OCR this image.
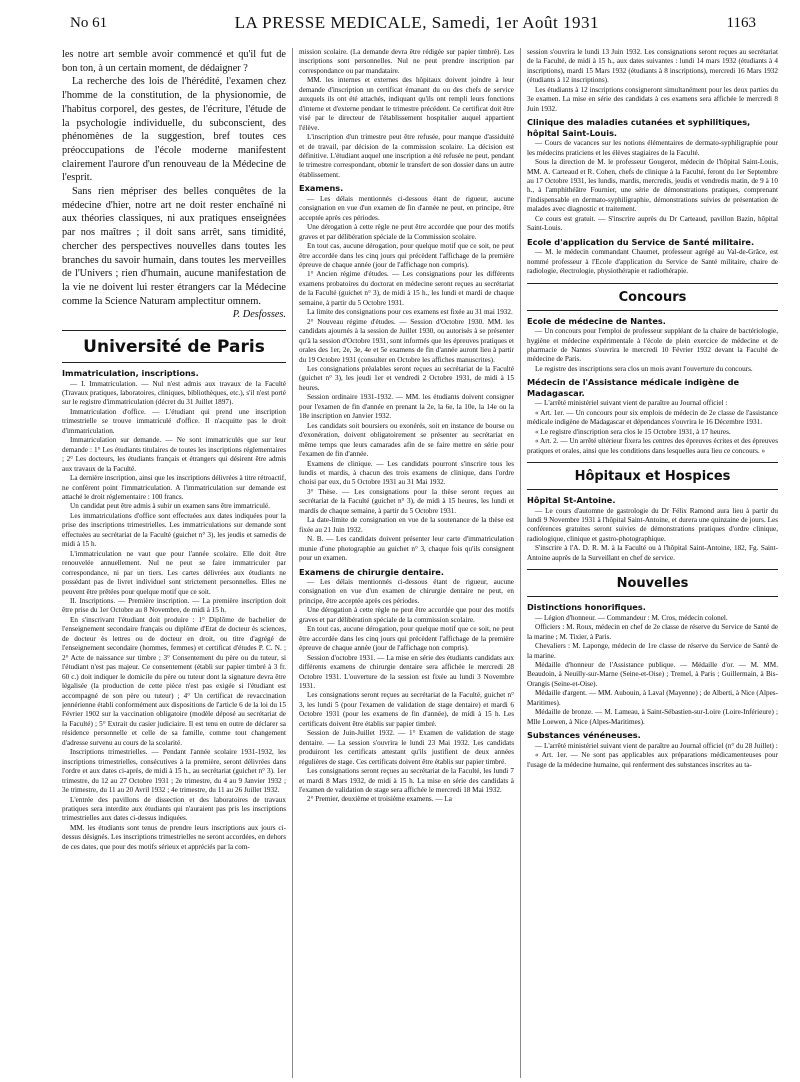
No 61	LA PRESSE MEDICALE, Samedi, 1er Août 1931	1163

les notre art semble avoir commencé et qu'il fut de bon ton, à un certain moment, de dédaigner ?

La recherche des lois de l'hérédité, l'examen chez l'homme de la constitution, de la physionomie, de l'habitus corporel, des gestes, de l'écriture, l'étude de la psychologie individuelle, du subconscient, des phénomènes de la suggestion, bref toutes ces préoccupations de l'école moderne manifestent clairement l'aurore d'un renouveau de la Médecine de l'esprit.

Sans rien mépriser des belles conquêtes de la médecine d'hier, notre art ne doit rester enchaîné ni aux théories classiques, ni aux pratiques enseignées par nos maîtres ; il doit sans arrêt, sans timidité, chercher des perspectives nouvelles dans toutes les branches du savoir humain, dans toutes les merveilles de l'Univers ; rien d'humain, aucune manifestation de la vie ne doivent lui rester étrangers car la Médecine comme la Science Naturam amplectitur omnem.

P. Desfosses.

Université de Paris
Immatriculation, inscriptions.

— I. Immatriculation. — Nul n'est admis aux travaux de la Faculté (Travaux pratiques, laboratoires, cliniques, bibliothèques, etc.), s'il n'est porté sur le registre d'immatriculation (décret du 31 Juillet 1897).

Immatriculation d'office. — L'étudiant qui prend une inscription trimestrielle se trouve immatriculé d'office. Il n'acquitte pas le droit d'immatriculation.

Immatriculation sur demande. — Ne sont immatriculés que sur leur demande : 1° Les étudiants titulaires de toutes les inscriptions réglementaires ; 2° Les docteurs, les étudiants français et étrangers qui désirent être admis aux travaux de la Faculté.

La dernière inscription, ainsi que les inscriptions délivrées à titre rétroactif, ne confèrent point l'immatriculation. A l'immatriculation sur demande est attaché le droit réglementaire : 100 francs.

Un candidat peut être admis à subir un examen sans être immatriculé.

Les immatriculations d'office sont effectuées aux dates indiquées pour la prise des inscriptions trimestrielles. Les immatriculations sur demande sont effectuées au secrétariat de la Faculté (guichet n° 3), les jeudis et samedis de midi à 15 h.

L'immatriculation ne vaut que pour l'année scolaire. Elle doit être renouvelée annuellement. Nul ne peut se faire immatriculer par correspondance, ni par un tiers. Les cartes délivrées aux étudiants ne possédant pas de livret individuel sont strictement personnelles. Elles ne peuvent être prêtées pour quelque motif que ce soit.

II. Inscriptions. — Première inscription. — La première inscription doit être prise du 1er Octobre au 8 Novembre, de midi à 15 h.

En s'inscrivant l'étudiant doit produire : 1° Diplôme de bachelier de l'enseignement secondaire français ou diplôme d'Etat de docteur ès sciences, de docteur ès lettres ou de docteur en droit, ou titre d'agrégé de l'enseignement secondaire (hommes, femmes) et certificat d'études P. C. N. ; 2° Acte de naissance sur timbre ; 3° Consentement du père ou du tuteur, si l'étudiant n'est pas majeur. Ce consentement (établi sur papier timbré à 3 fr. 60 c.) doit indiquer le domicile du père ou tuteur dont la signature devra être légalisée (la production de cette pièce n'est pas exigée si l'étudiant est accompagné de son père ou tuteur) ; 4° Un certificat de revaccination jennérienne établi conformément aux dispositions de l'article 6 de la loi du 15 Février 1902 sur la vaccination obligatoire (modèle déposé au secrétariat de la Faculté) ; 5° Extrait du casier judiciaire. Il est tenu en outre de déclarer sa résidence personnelle et celle de sa famille, comme tout changement d'adresse survenu au cours de la scolarité.

Inscriptions trimestrielles. — Pendant l'année scolaire 1931-1932, les inscriptions trimestrielles, consécutives à la première, seront délivrées dans l'ordre et aux dates ci-après, de midi à 15 h., au secrétariat (guichet n° 3). 1er trimestre, du 12 au 27 Octobre 1931 ; 2e trimestre, du 4 au 9 Janvier 1932 ; 3e trimestre, du 11 au 20 Avril 1932 ; 4e trimestre, du 11 au 26 Juillet 1932.

L'entrée des pavillons de dissection et des laboratoires de travaux pratiques sera interdite aux étudiants qui n'auraient pas pris les inscriptions trimestrielles aux dates ci-dessus indiquées.

MM. les étudiants sont tenus de prendre leurs inscriptions aux jours ci-dessus désignés. Les inscriptions trimestrielles ne seront accordées, en dehors de ces dates, que pour des motifs sérieux et appréciés par la com-

mission scolaire. (La demande devra être rédigée sur papier timbré). Les inscriptions sont personnelles. Nul ne peut prendre inscription par correspondance ou par mandataire.

MM. les internes et externes des hôpitaux doivent joindre à leur demande d'inscription un certificat émanant du ou des chefs de service auxquels ils ont été attachés, indiquant qu'ils ont rempli leurs fonctions d'interne et d'externe pendant le trimestre précédent. Ce certificat doit être visé par le directeur de l'établissement hospitalier auquel appartient l'élève.

L'inscription d'un trimestre peut être refusée, pour manque d'assiduité et de travail, par décision de la commission scolaire. La décision est définitive. L'étudiant auquel une inscription a été refusée ne peut, pendant le trimestre correspondant, obtenir le transfert de son dossier dans un autre établissement.

Examens.

— Les délais mentionnés ci-dessous étant de rigueur, aucune consignation en vue d'un examen de fin d'année ne peut, en principe, être acceptée après ces périodes.

Une dérogation à cette règle ne peut être accordée que pour des motifs graves et par délibération spéciale de la Commission scolaire.

En tout cas, aucune dérogation, pour quelque motif que ce soit, ne peut être accordée dans les cinq jours qui précèdent l'affichage de la première épreuve de chaque année (jour de l'affichage non compris).

1° Ancien régime d'études. — Les consignations pour les différents examens probatoires du doctorat en médecine seront reçues au secrétariat de la Faculté (guichet n° 3), de midi à 15 h., les lundi et mardi de chaque semaine, à partir du 5 Octobre 1931.

La limite des consignations pour ces examens est fixée au 31 mai 1932.

2° Nouveau régime d'études. — Session d'Octobre 1930. MM. les candidats ajournés à la session de Juillet 1930, ou autorisés à se présenter qu'à la session d'Octobre 1931, sont informés que les épreuves pratiques et orales des 1er, 2e, 3e, 4e et 5e examens de fin d'année auront lieu à partir du 19 Octobre 1931 (consulter en Octobre les affiches manuscrites).

Les consignations préalables seront reçues au secrétariat de la Faculté (guichet n° 3), les jeudi 1er et vendredi 2 Octobre 1931, de midi à 15 heures.

Session ordinaire 1931-1932. — MM. les étudiants doivent consigner pour l'examen de fin d'année en prenant la 2e, la 6e, la 10e, la 14e ou la 18e inscription en Janvier 1932.

Les candidats soit boursiers ou exonérés, soit en instance de bourse ou d'exonération, doivent obligatoirement se présenter au secrétariat en même temps que leurs camarades afin de se faire mettre en série pour l'examen de fin d'année.

Examens de clinique. — Les candidats pourront s'inscrire tous les lundis et mardis, à chacun des trois examens de clinique, dans l'ordre choisi par eux, du 5 Octobre 1931 au 31 Mai 1932.

3° Thèse. — Les consignations pour la thèse seront reçues au secrétariat de la Faculté (guichet n° 3), de midi à 15 heures, les lundi et mardis de chaque semaine, à partir du 5 Octobre 1931.

La date-limite de consignation en vue de la soutenance de la thèse est fixée au 21 Juin 1932.

N. B. — Les candidats doivent présenter leur carte d'immatriculation munie d'une photographie au guichet n° 3, chaque fois qu'ils consignent pour un examen.

Examens de chirurgie dentaire.

— Les délais mentionnés ci-dessous étant de rigueur, aucune consignation en vue d'un examen de chirurgie dentaire ne peut, en principe, être acceptée après ces périodes.

Une dérogation à cette règle ne peut être accordée que pour des motifs graves et par délibération spéciale de la commission scolaire.

En tout cas, aucune dérogation, pour quelque motif que ce soit, ne peut être accordée dans les cinq jours qui précèdent l'affichage de la première épreuve de chaque année (jour de l'affichage non compris).

Session d'octobre 1931. — La mise en série des étudiants candidats aux différents examens de chirurgie dentaire sera affichée le mercredi 28 Octobre 1931. L'ouverture de la session est fixée au lundi 3 Novembre 1931.

Les consignations seront reçues au secrétariat de la Faculté, guichet n° 3, les lundi 5 (pour l'examen de validation de stage dentaire) et mardi 6 Octobre 1931 (pour les examens de fin d'année), de midi à 15 h. Les certificats doivent être établis sur papier timbré.

Session de Juin-Juillet 1932. — 1° Examen de validation de stage dentaire. — La session s'ouvrira le lundi 23 Mai 1932. Les candidats produiront les certificats attestant qu'ils justifient de deux années régulières de stage. Ces certificats doivent être établis sur papier timbré.

Les consignations seront reçues au secrétariat de la Faculté, les lundi 7 et mardi 8 Mars 1932, de midi à 15 h. La mise en série des candidats à l'examen de validation de stage sera affichée le mercredi 18 Mai 1932.

2° Premier, deuxième et troisième examens. — La

session s'ouvrira le lundi 13 Juin 1932. Les consignations seront reçues au secrétariat de la Faculté, de midi à 15 h., aux dates suivantes : lundi 14 mars 1932 (étudiants à 4 inscriptions), mardi 15 Mars 1932 (étudiants à 8 inscriptions), mercredi 16 Mars 1932 (étudiants à 12 inscriptions).

Les étudiants à 12 inscriptions consigneront simultanément pour les deux parties du 3e examen. La mise en série des candidats à ces examens sera affichée le mercredi 8 Juin 1932.

Clinique des maladies cutanées et syphilitiques, hôpital Saint-Louis.

— Cours de vacances sur les notions élémentaires de dermato-syphiligraphie pour les médecins praticiens et les élèves stagiaires de la Faculté.

Sous la direction de M. le professeur Gougerot, médecin de l'hôpital Saint-Louis, MM. A. Carteaud et R. Cohen, chefs de clinique à la Faculté, feront du 1er Septembre au 17 Octobre 1931, les lundis, mardis, mercredis, jeudis et vendredis matin, de 9 à 10 h., à l'amphithéâtre Fournier, une série de démonstrations pratiques, comprenant l'indispensable en dermato-syphiligraphie, démonstrations suivies de présentation de malades avec diagnostic et traitement.

Ce cours est gratuit. — S'inscrire auprès du Dr Carteaud, pavillon Bazin, hôpital Saint-Louis.

Ecole d'application du Service de Santé militaire.

— M. le médecin commandant Chaumet, professeur agrégé au Val-de-Grâce, est nommé professeur à l'Ecole d'application du Service de Santé militaire, chaire de radiologie, électrologie, physiothérapie et radiothérapie.

Concours
Ecole de médecine de Nantes.

— Un concours pour l'emploi de professeur suppléant de la chaire de bactériologie, hygiène et médecine expérimentale à l'école de plein exercice de médecine et de pharmacie de Nantes s'ouvrira le mercredi 10 Février 1932 devant la Faculté de médecine de Paris.

Le registre des inscriptions sera clos un mois avant l'ouverture du concours.

Médecin de l'Assistance médicale indigène de Madagascar.

— L'arrêté ministériel suivant vient de paraître au Journal officiel :

« Art. 1er. — Un concours pour six emplois de médecin de 2e classe de l'assistance médicale indigène de Madagascar et dépendances s'ouvrira le 16 Décembre 1931.

« Le registre d'inscription sera clos le 15 Octobre 1931, à 17 heures.

« Art. 2. — Un arrêté ultérieur fixera les centres des épreuves écrites et des épreuves pratiques et orales, ainsi que les conditions dans lesquelles aura lieu ce concours. »

Hôpitaux et Hospices
Hôpital St-Antoine.

— Le cours d'automne de gastrologie du Dr Félix Ramond aura lieu à partir du lundi 9 Novembre 1931 à l'hôpital Saint-Antoine, et durera une quinzaine de jours. Les conférences gratuites seront suivies de démonstrations pratiques d'ordre clinique, radiologique, clinique et gastro-photographique.

S'inscrire à l'A. D. R. M. à la Faculté ou à l'hôpital Saint-Antoine, 182, Fg. Saint-Antoine auprès de la Surveillant en chef de service.

Nouvelles
Distinctions honorifiques.

— Légion d'honneur. — Commandeur : M. Cros, médecin colonel.

Officiers : M. Roux, médecin en chef de 2e classe de réserve du Service de Santé de la marine ; M. Tixier, à Paris.

Chevaliers : M. Laponge, médecin de 1re classe de réserve du Service de Santé de la marine.

Médaille d'honneur de l'Assistance publique. — Médaille d'or. — M. MM. Beaudoin, à Neuilly-sur-Marne (Seine-et-Oise) ; Tremel, à Paris ; Guillermain, à Bis-Orangis (Seine-et-Oise).

Médaille d'argent. — MM. Aubouin, à Laval (Mayenne) ; de Alberti, à Nice (Alpes-Maritimes).

Médaille de bronze. — M. Lameau, à Saint-Sébastien-sur-Loire (Loire-Inférieure) ; Mlle Loewen, à Nice (Alpes-Maritimes).

Substances vénéneuses.

— L'arrêté ministériel suivant vient de paraître au Journal officiel (n° du 28 Juillet) :

« Art. 1er. — Ne sont pas applicables aux préparations médicamenteuses pour l'usage de la médecine humaine, qui renferment des substances inscrites au ta-
